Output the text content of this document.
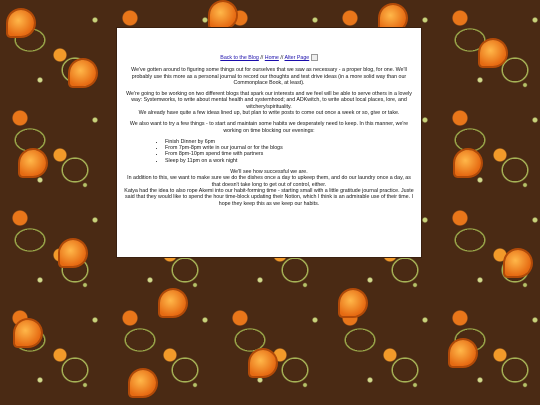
Back to the Blog // Home // Alter Page

We've gotten around to figuring some things out for ourselves that we saw as necessary - a proper blog, for one. We'll probably use this more as a personal journal to record our thoughts and test drive ideas (in a more solid way than our Commonplace Book, at least).

We're going to be working on two different blogs that spark our interests and we feel will be able to serve others in a lovely way: Systemworks, to write about mental health and systemhood; and ADKwitch, to write about local places, lore, and witchery/spirituality.

We already have quite a few ideas lined up, but plan to write posts to come out once a week or so, give or take.

We also want to try a few things - to start and maintain some habits we desperately need to keep. In this manner, we're working on time blocking our evenings:

• Finish Dinner by 6pm
• From 7pm-8pm write in our journal or for the blogs
• From 8pm-10pm spend time with partners
• Sleep by 11pm on a work night

We'll see how successful we are.

In addition to this, we want to make sure we do the dishes once a day to upkeep them, and do our laundry once a day, as that doesn't take long to get out of control, either.

Katya had the idea to also rope Akemi into our habit-forming time - starting small with a little gratitude journal practice. Juste said that they would like to spend the hour time-block updating their Notion, which I think is an admirable use of their time. I hope they keep this as we keep our habits.
